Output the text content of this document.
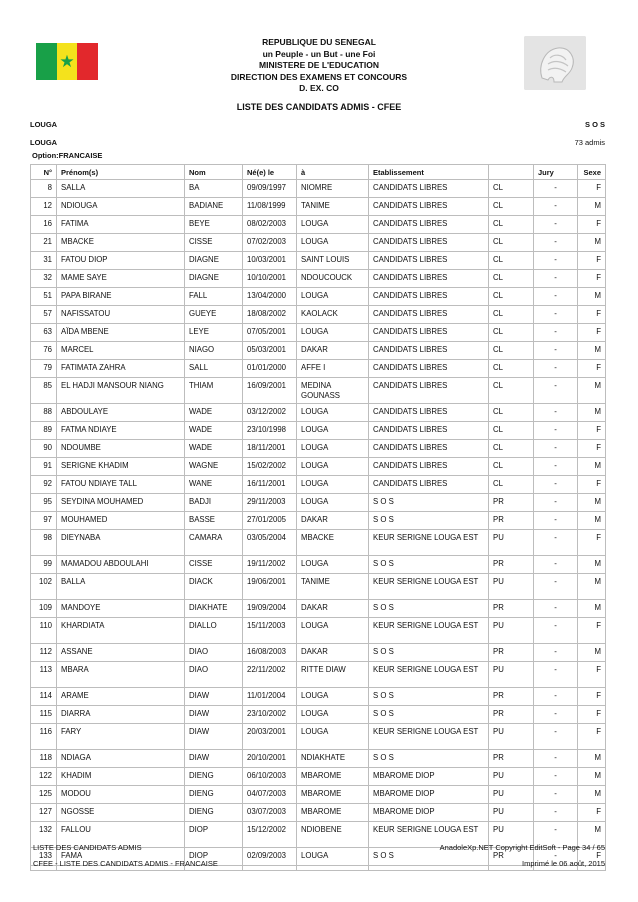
★
REPUBLIQUE DU SENEGAL
un Peuple - un But - une Foi
MINISTERE DE L'EDUCATION
DIRECTION DES EXAMENS ET CONCOURS
D. EX. CO
LISTE DES CANDIDATS ADMIS - CFEE
LOUGA	S O S
LOUGA	73 admis
Option:FRANCAISE
N°	Prénom(s)	Nom	Né(e) le	à	Etablissement		Jury	Sexe
8	SALLA	BA	09/09/1997	NIOMRE	CANDIDATS LIBRES	CL	-	F
12	NDIOUGA	BADIANE	11/08/1999	TANIME	CANDIDATS LIBRES	CL	-	M
16	FATIMA	BEYE	08/02/2003	LOUGA	CANDIDATS LIBRES	CL	-	F
21	MBACKE	CISSE	07/02/2003	LOUGA	CANDIDATS LIBRES	CL	-	M
31	FATOU DIOP	DIAGNE	10/03/2001	SAINT LOUIS	CANDIDATS LIBRES	CL	-	F
32	MAME SAYE	DIAGNE	10/10/2001	NDOUCOUCK	CANDIDATS LIBRES	CL	-	F
51	PAPA BIRANE	FALL	13/04/2000	LOUGA	CANDIDATS LIBRES	CL	-	M
57	NAFISSATOU	GUEYE	18/08/2002	KAOLACK	CANDIDATS LIBRES	CL	-	F
63	AÏDA MBENE	LEYE	07/05/2001	LOUGA	CANDIDATS LIBRES	CL	-	F
76	MARCEL	NIAGO	05/03/2001	DAKAR	CANDIDATS LIBRES	CL	-	M
79	FATIMATA ZAHRA	SALL	01/01/2000	AFFE I	CANDIDATS LIBRES	CL	-	F
85	EL HADJI MANSOUR NIANG	THIAM	16/09/2001	MEDINA GOUNASS	CANDIDATS LIBRES	CL	-	M
88	ABDOULAYE	WADE	03/12/2002	LOUGA	CANDIDATS LIBRES	CL	-	M
89	FATMA NDIAYE	WADE	23/10/1998	LOUGA	CANDIDATS LIBRES	CL	-	F
90	NDOUMBE	WADE	18/11/2001	LOUGA	CANDIDATS LIBRES	CL	-	F
91	SERIGNE KHADIM	WAGNE	15/02/2002	LOUGA	CANDIDATS LIBRES	CL	-	M
92	FATOU NDIAYE TALL	WANE	16/11/2001	LOUGA	CANDIDATS LIBRES	CL	-	F
95	SEYDINA MOUHAMED	BADJI	29/11/2003	LOUGA	S O S	PR	-	M
97	MOUHAMED	BASSE	27/01/2005	DAKAR	S O S	PR	-	M
98	DIEYNABA	CAMARA	03/05/2004	MBACKE	KEUR SERIGNE LOUGA EST	PU	-	F
99	MAMADOU ABDOULAHI	CISSE	19/11/2002	LOUGA	S O S	PR	-	M
102	BALLA	DIACK	19/06/2001	TANIME	KEUR SERIGNE LOUGA EST	PU	-	M
109	MANDOYE	DIAKHATE	19/09/2004	DAKAR	S O S	PR	-	M
110	KHARDIATA	DIALLO	15/11/2003	LOUGA	KEUR SERIGNE LOUGA EST	PU	-	F
112	ASSANE	DIAO	16/08/2003	DAKAR	S O S	PR	-	M
113	MBARA	DIAO	22/11/2002	RITTE DIAW	KEUR SERIGNE LOUGA EST	PU	-	F
114	ARAME	DIAW	11/01/2004	LOUGA	S O S	PR	-	F
115	DIARRA	DIAW	23/10/2002	LOUGA	S O S	PR	-	F
116	FARY	DIAW	20/03/2001	LOUGA	KEUR SERIGNE LOUGA EST	PU	-	F
118	NDIAGA	DIAW	20/10/2001	NDIAKHATE	S O S	PR	-	M
122	KHADIM	DIENG	06/10/2003	MBAROME	MBAROME DIOP	PU	-	M
125	MODOU	DIENG	04/07/2003	MBAROME	MBAROME DIOP	PU	-	M
127	NGOSSE	DIENG	03/07/2003	MBAROME	MBAROME DIOP	PU	-	F
132	FALLOU	DIOP	15/12/2002	NDIOBENE	KEUR SERIGNE LOUGA EST	PU	-	M
133	FAMA	DIOP	02/09/2003	LOUGA	S O S	PR	-	F

LISTE DES CANDIDATS ADMIS	AnadoleXp.NET Copyright EditSoft - Page 34 / 65
CFEE - LISTE DES CANDIDATS ADMIS - FRANCAISE	Imprimé le 06 août, 2015
